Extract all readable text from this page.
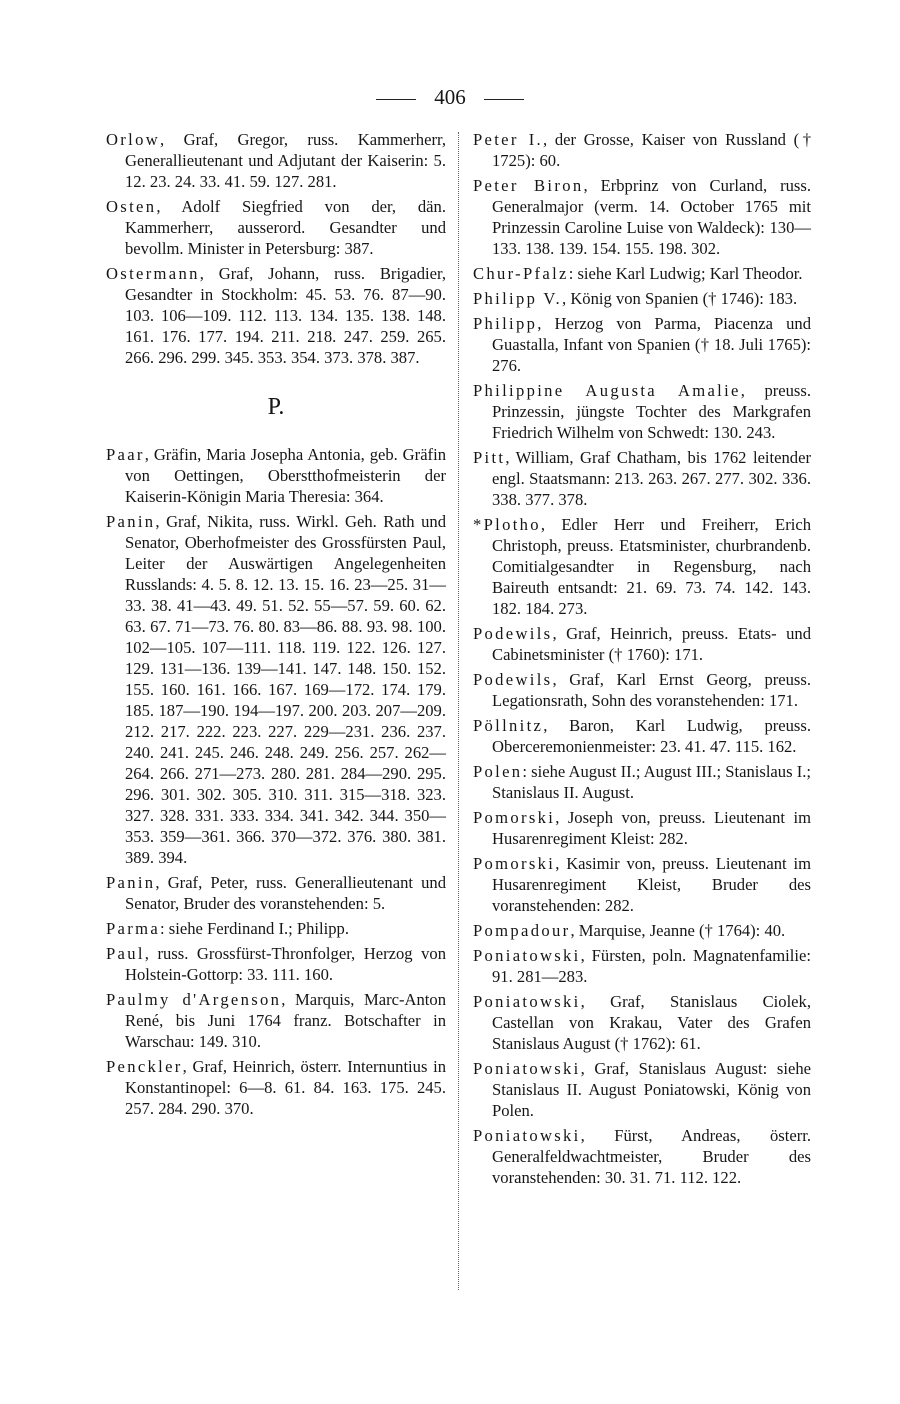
406

Orlow, Graf, Gregor, russ. Kammerherr, Generallieutenant und Adjutant der Kaiserin: 5. 12. 23. 24. 33. 41. 59. 127. 281.

Osten, Adolf Siegfried von der, dän. Kammerherr, ausserord. Gesandter und bevollm. Minister in Petersburg: 387.

Ostermann, Graf, Johann, russ. Brigadier, Gesandter in Stockholm: 45. 53. 76. 87—90. 103. 106—109. 112. 113. 134. 135. 138. 148. 161. 176. 177. 194. 211. 218. 247. 259. 265. 266. 296. 299. 345. 353. 354. 373. 378. 387.

P.

Paar, Gräfin, Maria Josepha Antonia, geb. Gräfin von Oettingen, Oberstthofmeisterin der Kaiserin-Königin Maria Theresia: 364.

Panin, Graf, Nikita, russ. Wirkl. Geh. Rath und Senator, Oberhofmeister des Grossfürsten Paul, Leiter der Auswärtigen Angelegenheiten Russlands: 4. 5. 8. 12. 13. 15. 16. 23—25. 31—33. 38. 41—43. 49. 51. 52. 55—57. 59. 60. 62. 63. 67. 71—73. 76. 80. 83—86. 88. 93. 98. 100. 102—105. 107—111. 118. 119. 122. 126. 127. 129. 131—136. 139—141. 147. 148. 150. 152. 155. 160. 161. 166. 167. 169—172. 174. 179. 185. 187—190. 194—197. 200. 203. 207—209. 212. 217. 222. 223. 227. 229—231. 236. 237. 240. 241. 245. 246. 248. 249. 256. 257. 262—264. 266. 271—273. 280. 281. 284—290. 295. 296. 301. 302. 305. 310. 311. 315—318. 323. 327. 328. 331. 333. 334. 341. 342. 344. 350—353. 359—361. 366. 370—372. 376. 380. 381. 389. 394.

Panin, Graf, Peter, russ. Generallieutenant und Senator, Bruder des voranstehenden: 5.

Parma: siehe Ferdinand I.; Philipp.

Paul, russ. Grossfürst-Thronfolger, Herzog von Holstein-Gottorp: 33. 111. 160.

Paulmy d'Argenson, Marquis, Marc-Anton René, bis Juni 1764 franz. Botschafter in Warschau: 149. 310.

Penckler, Graf, Heinrich, österr. Internuntius in Konstantinopel: 6—8. 61. 84. 163. 175. 245. 257. 284. 290. 370.

Peter I., der Grosse, Kaiser von Russland († 1725): 60.

Peter Biron, Erbprinz von Curland, russ. Generalmajor (verm. 14. October 1765 mit Prinzessin Caroline Luise von Waldeck): 130—133. 138. 139. 154. 155. 198. 302.

Chur-Pfalz: siehe Karl Ludwig; Karl Theodor.

Philipp V., König von Spanien († 1746): 183.

Philipp, Herzog von Parma, Piacenza und Guastalla, Infant von Spanien († 18. Juli 1765): 276.

Philippine Augusta Amalie, preuss. Prinzessin, jüngste Tochter des Markgrafen Friedrich Wilhelm von Schwedt: 130. 243.

Pitt, William, Graf Chatham, bis 1762 leitender engl. Staatsmann: 213. 263. 267. 277. 302. 336. 338. 377. 378.

*Plotho, Edler Herr und Freiherr, Erich Christoph, preuss. Etatsminister, churbrandenb. Comitialgesandter in Regensburg, nach Baireuth entsandt: 21. 69. 73. 74. 142. 143. 182. 184. 273.

Podewils, Graf, Heinrich, preuss. Etats- und Cabinetsminister († 1760): 171.

Podewils, Graf, Karl Ernst Georg, preuss. Legationsrath, Sohn des voranstehenden: 171.

Pöllnitz, Baron, Karl Ludwig, preuss. Oberceremonienmeister: 23. 41. 47. 115. 162.

Polen: siehe August II.; August III.; Stanislaus I.; Stanislaus II. August.

Pomorski, Joseph von, preuss. Lieutenant im Husarenregiment Kleist: 282.

Pomorski, Kasimir von, preuss. Lieutenant im Husarenregiment Kleist, Bruder des voranstehenden: 282.

Pompadour, Marquise, Jeanne († 1764): 40.

Poniatowski, Fürsten, poln. Magnatenfamilie: 91. 281—283.

Poniatowski, Graf, Stanislaus Ciolek, Castellan von Krakau, Vater des Grafen Stanislaus August († 1762): 61.

Poniatowski, Graf, Stanislaus August: siehe Stanislaus II. August Poniatowski, König von Polen.

Poniatowski, Fürst, Andreas, österr. Generalfeldwachtmeister, Bruder des voranstehenden: 30. 31. 71. 112. 122.
